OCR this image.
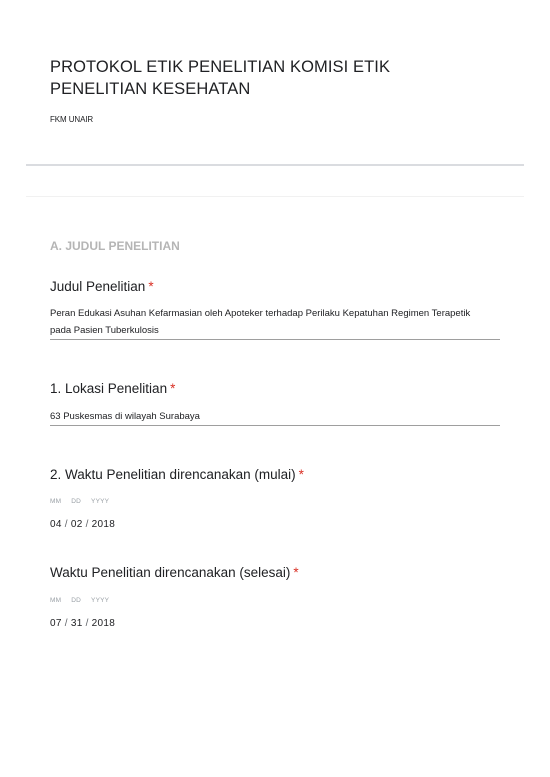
PROTOKOL ETIK PENELITIAN KOMISI ETIK PENELITIAN KESEHATAN
FKM UNAIR
A. JUDUL PENELITIAN
Judul Penelitian *
Peran Edukasi Asuhan Kefarmasian oleh Apoteker terhadap Perilaku Kepatuhan Regimen Terapetik pada Pasien Tuberkulosis
1. Lokasi Penelitian *
63 Puskesmas di wilayah Surabaya
2. Waktu Penelitian direncanakan (mulai) *
MM DD YYYY
04 / 02 / 2018
Waktu Penelitian direncanakan (selesai) *
MM DD YYYY
07 / 31 / 2018
